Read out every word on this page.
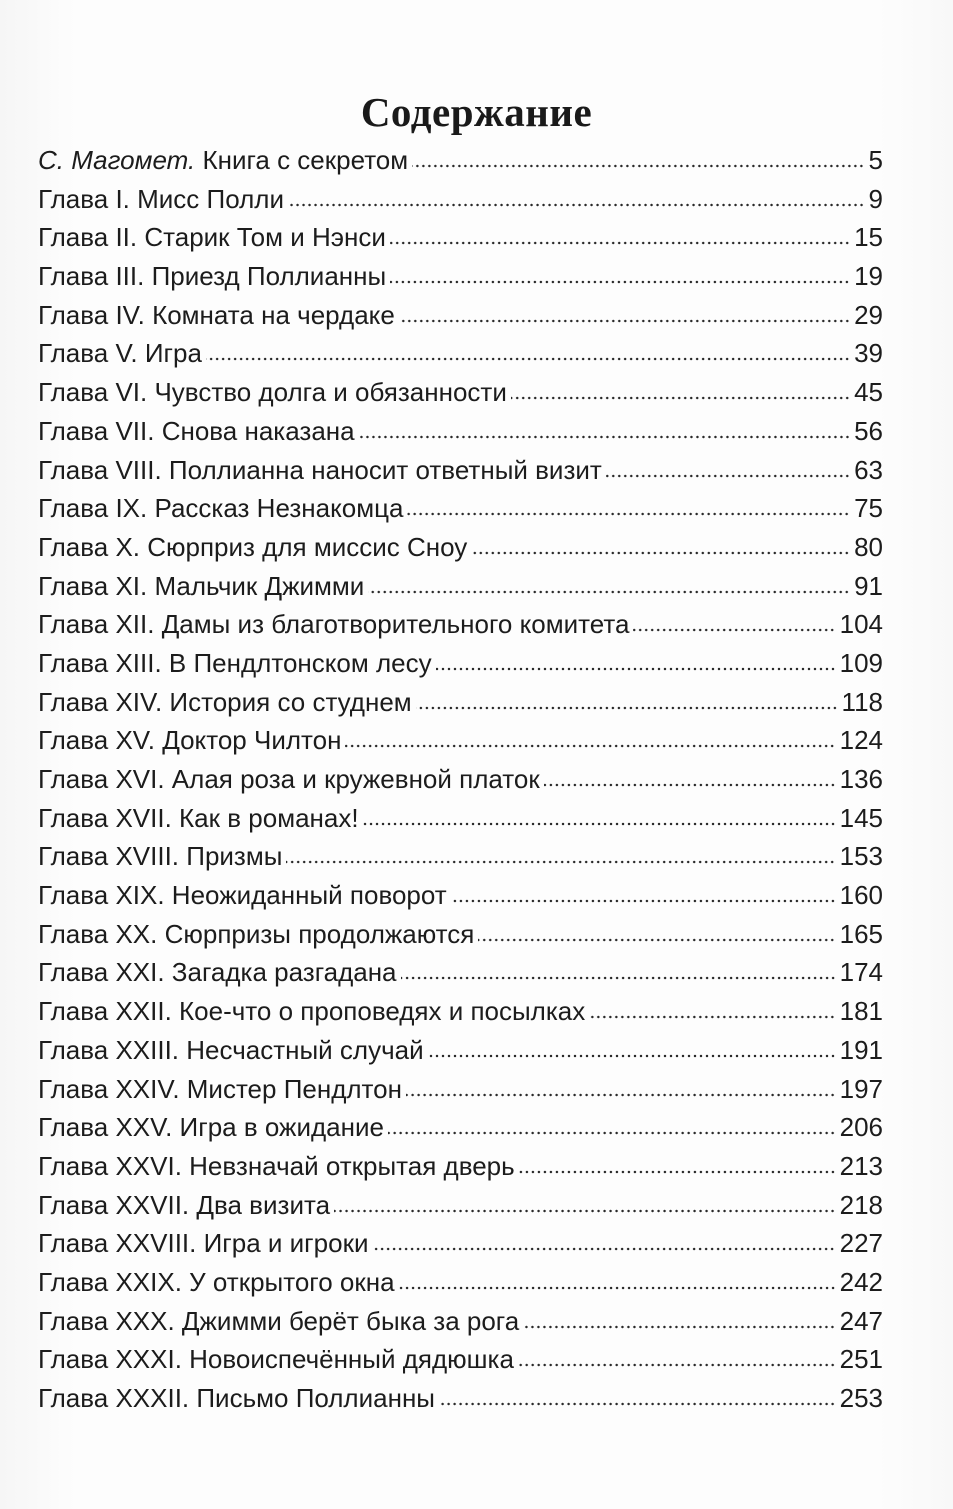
Содержание
С. Магомет. Книга с секретом	5
Глава I. Мисс Полли	9
Глава II. Старик Том и Нэнси	15
Глава III. Приезд Поллианны	19
Глава IV. Комната на чердаке	29
Глава V. Игра	39
Глава VI. Чувство долга и обязанности	45
Глава VII. Снова наказана	56
Глава VIII. Поллианна наносит ответный визит	63
Глава IX. Рассказ Незнакомца	75
Глава X. Сюрприз для миссис Сноу	80
Глава XI. Мальчик Джимми	91
Глава XII. Дамы из благотворительного комитета	104
Глава XIII. В Пендлтонском лесу	109
Глава XIV. История со студнем	118
Глава XV. Доктор Чилтон	124
Глава XVI. Алая роза и кружевной платок	136
Глава XVII. Как в романах!	145
Глава XVIII. Призмы	153
Глава XIX. Неожиданный поворот	160
Глава XX. Сюрпризы продолжаются	165
Глава XXI. Загадка разгадана	174
Глава XXII. Кое-что о проповедях и посылках	181
Глава XXIII. Несчастный случай	191
Глава XXIV. Мистер Пендлтон	197
Глава XXV. Игра в ожидание	206
Глава XXVI. Невзначай открытая дверь	213
Глава XXVII. Два визита	218
Глава XXVIII. Игра и игроки	227
Глава XXIX. У открытого окна	242
Глава XXX. Джимми берёт быка за рога	247
Глава XXXI. Новоиспечённый дядюшка	251
Глава XXXII. Письмо Поллианны	253
